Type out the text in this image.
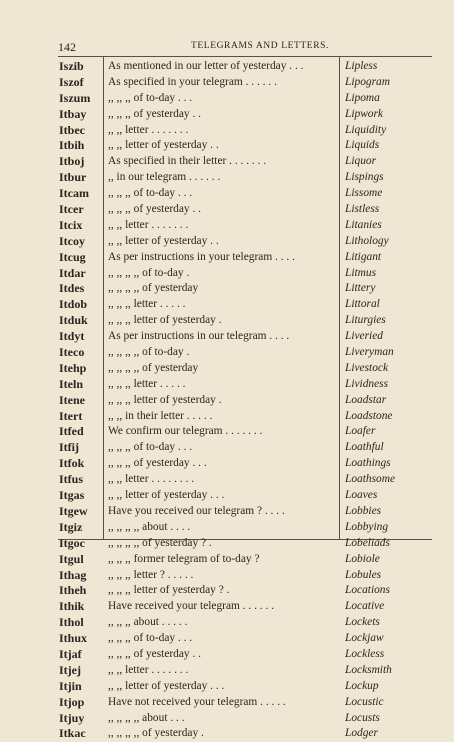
142	TELEGRAMS AND LETTERS.
Iszib As mentioned in our letter of yesterday . . .	Lipless
Iszof As specified in your telegram . . . . . .	Lipogram
Iszum ,, ,, ,, of to-day . . .	Lipoma
Itbay ,, ,, ,, of yesterday . .	Lipwork
Itbec ,, ,, letter . . . . . . .	Liquidity
Itbih ,, ,, letter of yesterday . .	Liquids
Itboj As specified in their letter . . . . . . .	Liquor
Itbur ,, in our telegram . . . . . .	Lispings
Itcam ,, ,, ,, of to-day . . .	Lissome
Itcer ,, ,, ,, of yesterday . .	Listless
Itcix ,, ,, letter . . . . . . .	Litanies
Itcoy ,, ,, letter of yesterday . .	Lithology
Itcug As per instructions in your telegram . . . .	Litigant
Itdar ,, ,, ,, ,, of to-day .	Litmus
Itdes ,, ,, ,, ,, of yesterday	Littery
Itdob ,, ,, ,, letter . . . . .	Littoral
Itduk ,, ,, ,, letter of yesterday .	Liturgies
Itdyt As per instructions in our telegram . . . .	Liveried
Iteco ,, ,, ,, ,, of to-day .	Liveryman
Itehp ,, ,, ,, ,, of yesterday	Livestock
Iteln ,, ,, ,, letter . . . . .	Lividness
Itene ,, ,, ,, letter of yesterday .	Loadstar
Itert ,, ,, in their letter . . . . .	Loadstone
Itfed We confirm our telegram . . . . . . .	Loafer
Itfij	,, ,, ,, of to-day . . .	Loathful
Itfok ,, ,, ,, of yesterday . . .	Loathings
Itfus ,, ,, letter . . . . . . . .	Loathsome
Itgas ,, ,, letter of yesterday . . .	Loaves
Itgew Have you received our telegram ? . . . .	Lobbies
Itgiz ,, ,, ,, ,, about . . . .	Lobbying
Itgoc ,, ,, ,, ,, of yesterday ? .	Lobeliads
Itgul ,, ,, ,, former telegram of to-day ?	Lobiole
Ithag ,, ,, ,, letter ? . . . . .	Lobules
Itheh ,, ,, ,, letter of yesterday ? .	Locations
Ithik Have received your telegram . . . . . .	Locative
Ithol ,, ,, ,, about . . . . .	Lockets
Ithux ,, ,, ,, of to-day . . .	Lockjaw
Itjaf ,, ,, ,, of yesterday . .	Lockless
Itjej ,, ,, letter . . . . . . .	Locksmith
Itjin ,, ,, letter of yesterday . . .	Lockup
Itjop Have not received your telegram . . . . .	Locustic
Itjuy ,, ,, ,, ,, about . . .	Locusts
Itkac ,, ,, ,, ,, of yesterday .	Lodger
